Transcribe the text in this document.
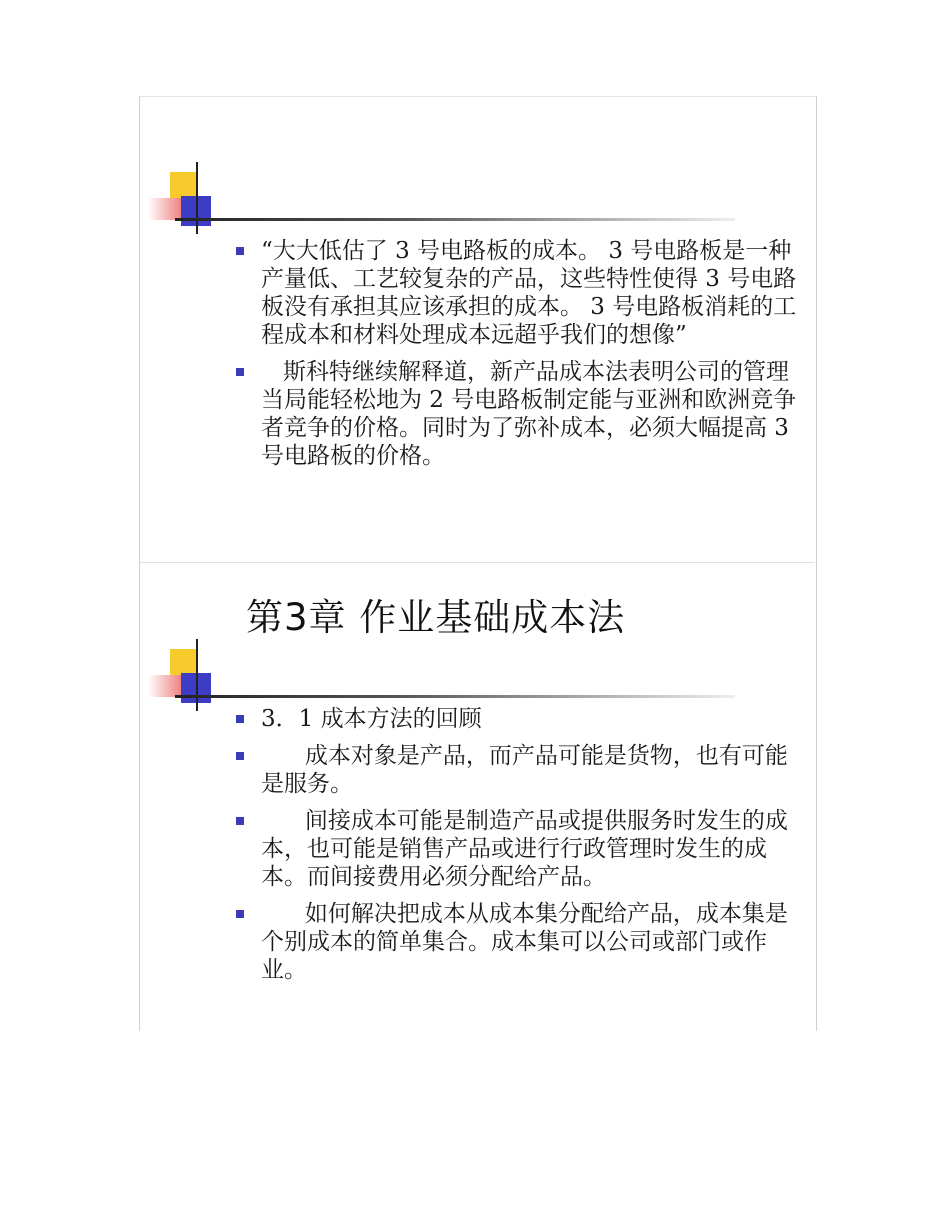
“大大低估了 3 号电路板的成本。 3 号电路板是一种产量低、工艺较复杂的产品，这些特性使得 3 号电路板没有承担其应该承担的成本。 3 号电路板消耗的工程成本和材料处理成本远超乎我们的想像”
斯科特继续解释道，新产品成本法表明公司的管理当局能轻松地为 2 号电路板制定能与亚洲和欧洲竞争者竞争的价格。同时为了弥补成本，必须大幅提高 3 号电路板的价格。
第3章 作业基础成本法
3．1 成本方法的回顾
成本对象是产品，而产品可能是货物，也有可能是服务。
间接成本可能是制造产品或提供服务时发生的成本，也可能是销售产品或进行行政管理时发生的成本。而间接费用必须分配给产品。
如何解决把成本从成本集分配给产品，成本集是个别成本的简单集合。成本集可以公司或部门或作业。
